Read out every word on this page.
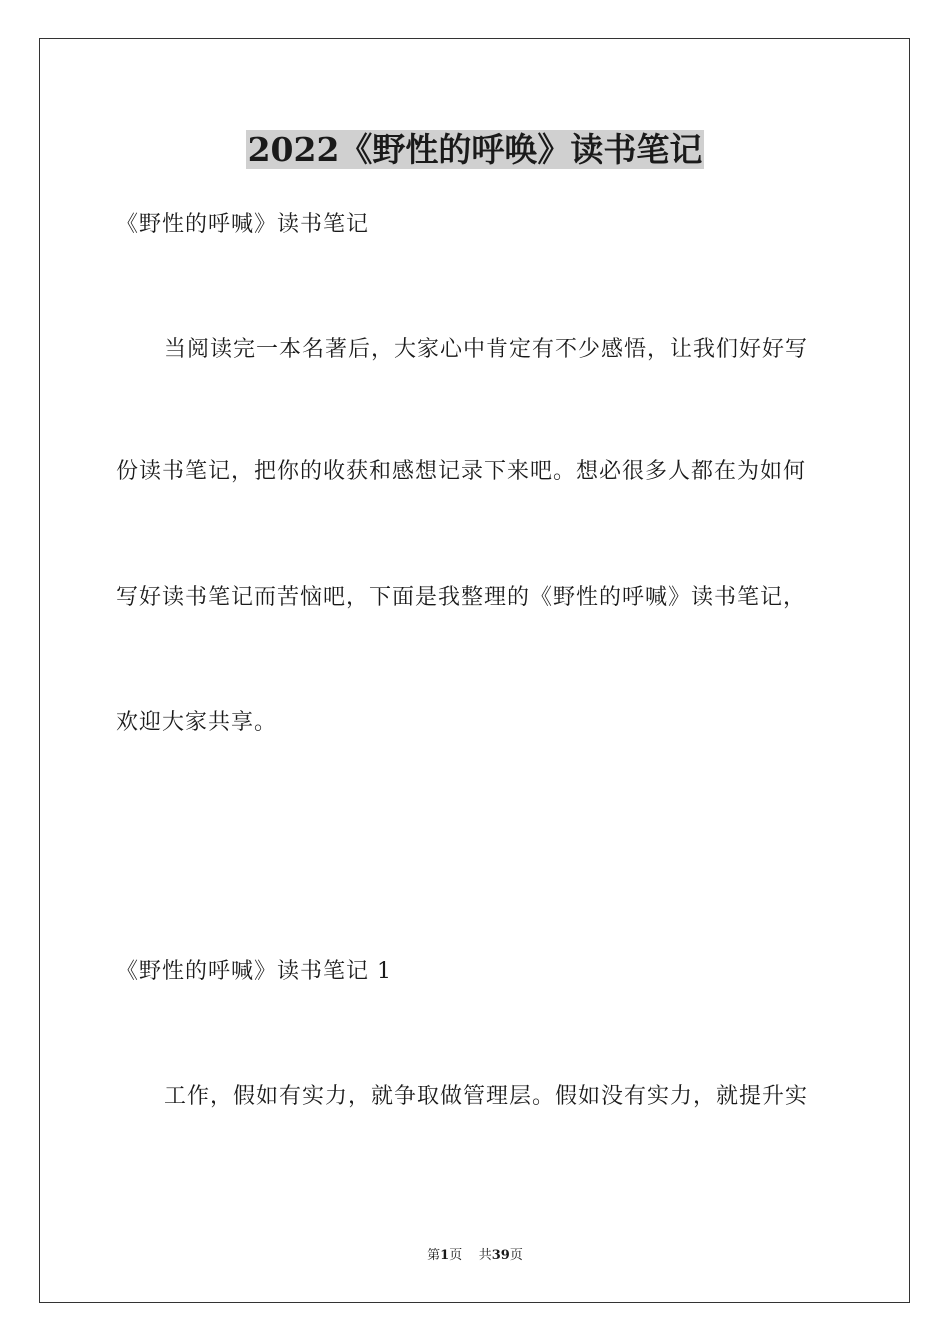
2022《野性的呼唤》读书笔记

《野性的呼喊》读书笔记

当阅读完一本名著后，大家心中肯定有不少感悟，让我们好好写

份读书笔记，把你的收获和感想记录下来吧。想必很多人都在为如何

写好读书笔记而苦恼吧，下面是我整理的《野性的呼喊》读书笔记，

欢迎大家共享。

《野性的呼喊》读书笔记 1

工作，假如有实力，就争取做管理层。假如没有实力，就提升实

第1页 共39页
